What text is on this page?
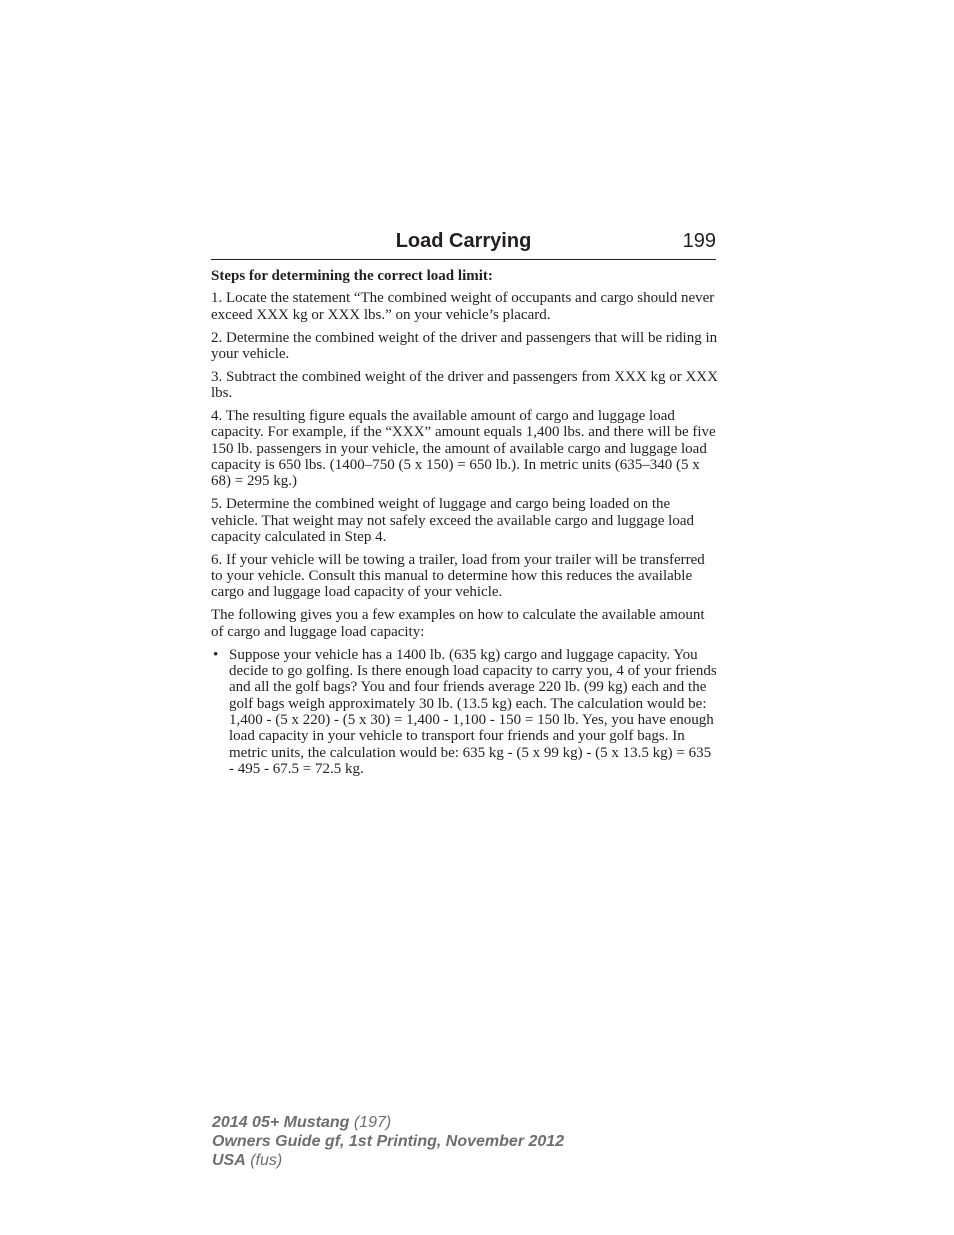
Load Carrying	199

Steps for determining the correct load limit:

1. Locate the statement “The combined weight of occupants and cargo should never exceed XXX kg or XXX lbs.” on your vehicle’s placard.

2. Determine the combined weight of the driver and passengers that will be riding in your vehicle.

3. Subtract the combined weight of the driver and passengers from XXX kg or XXX lbs.

4. The resulting figure equals the available amount of cargo and luggage load capacity. For example, if the “XXX” amount equals 1,400 lbs. and there will be five 150 lb. passengers in your vehicle, the amount of available cargo and luggage load capacity is 650 lbs. (1400–750 (5 x 150) = 650 lb.). In metric units (635–340 (5 x 68) = 295 kg.)

5. Determine the combined weight of luggage and cargo being loaded on the vehicle. That weight may not safely exceed the available cargo and luggage load capacity calculated in Step 4.

6. If your vehicle will be towing a trailer, load from your trailer will be transferred to your vehicle. Consult this manual to determine how this reduces the available cargo and luggage load capacity of your vehicle.

The following gives you a few examples on how to calculate the available amount of cargo and luggage load capacity:

• Suppose your vehicle has a 1400 lb. (635 kg) cargo and luggage capacity. You decide to go golfing. Is there enough load capacity to carry you, 4 of your friends and all the golf bags? You and four friends average 220 lb. (99 kg) each and the golf bags weigh approximately 30 lb. (13.5 kg) each. The calculation would be: 1,400 - (5 x 220) - (5 x 30) = 1,400 - 1,100 - 150 = 150 lb. Yes, you have enough load capacity in your vehicle to transport four friends and your golf bags. In metric units, the calculation would be: 635 kg - (5 x 99 kg) - (5 x 13.5 kg) = 635 - 495 - 67.5 = 72.5 kg.
2014 05+ Mustang (197)
Owners Guide gf, 1st Printing, November 2012
USA (fus)
